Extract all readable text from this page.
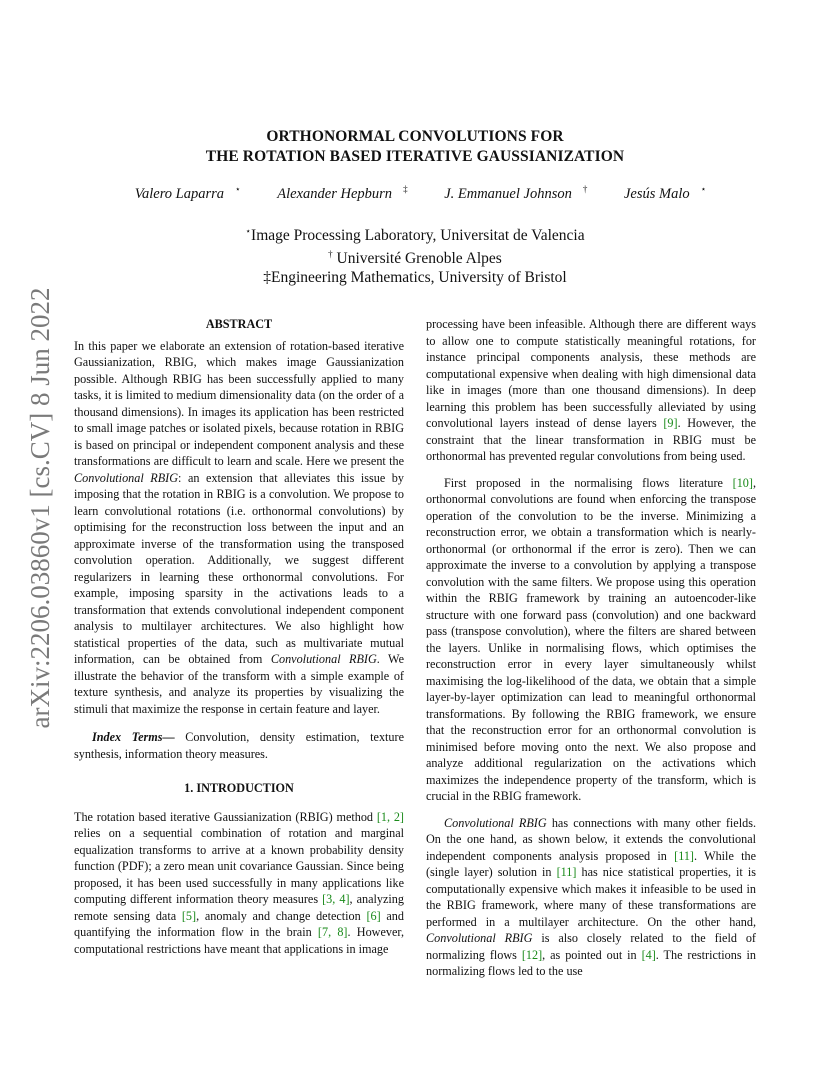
arXiv:2206.03860v1 [cs.CV] 8 Jun 2022
ORTHONORMAL CONVOLUTIONS FOR
THE ROTATION BASED ITERATIVE GAUSSIANIZATION
Valero Laparra ⋆	Alexander Hepburn ‡	J. Emmanuel Johnson †	Jesús Malo ⋆
⋆Image Processing Laboratory, Universitat de Valencia
† Université Grenoble Alpes
‡Engineering Mathematics, University of Bristol
ABSTRACT

In this paper we elaborate an extension of rotation-based iterative Gaussianization, RBIG, which makes image Gaussianization possible. Although RBIG has been successfully applied to many tasks, it is limited to medium dimensionality data (on the order of a thousand dimensions). In images its application has been restricted to small image patches or isolated pixels, because rotation in RBIG is based on principal or independent component analysis and these transformations are difficult to learn and scale. Here we present the Convolutional RBIG: an extension that alleviates this issue by imposing that the rotation in RBIG is a convolution. We propose to learn convolutional rotations (i.e. orthonormal convolutions) by optimising for the reconstruction loss between the input and an approximate inverse of the transformation using the transposed convolution operation. Additionally, we suggest different regularizers in learning these orthonormal convolutions. For example, imposing sparsity in the activations leads to a transformation that extends convolutional independent component analysis to multilayer architectures. We also highlight how statistical properties of the data, such as multivariate mutual information, can be obtained from Convolutional RBIG. We illustrate the behavior of the transform with a simple example of texture synthesis, and analyze its properties by visualizing the stimuli that maximize the response in certain feature and layer.

Index Terms— Convolution, density estimation, texture synthesis, information theory measures.

1. INTRODUCTION

The rotation based iterative Gaussianization (RBIG) method [1, 2] relies on a sequential combination of rotation and marginal equalization transforms to arrive at a known probability density function (PDF); a zero mean unit covariance Gaussian. Since being proposed, it has been used successfully in many applications like computing different information theory measures [3, 4], analyzing remote sensing data [5], anomaly and change detection [6] and quantifying the information flow in the brain [7, 8]. However, computational restrictions have meant that applications in image

processing have been infeasible. Although there are different ways to allow one to compute statistically meaningful rotations, for instance principal components analysis, these methods are computational expensive when dealing with high dimensional data like in images (more than one thousand dimensions). In deep learning this problem has been successfully alleviated by using convolutional layers instead of dense layers [9]. However, the constraint that the linear transformation in RBIG must be orthonormal has prevented regular convolutions from being used.

First proposed in the normalising flows literature [10], orthonormal convolutions are found when enforcing the transpose operation of the convolution to be the inverse. Minimizing a reconstruction error, we obtain a transformation which is nearly-orthonormal (or orthonormal if the error is zero). Then we can approximate the inverse to a convolution by applying a transpose convolution with the same filters. We propose using this operation within the RBIG framework by training an autoencoder-like structure with one forward pass (convolution) and one backward pass (transpose convolution), where the filters are shared between the layers. Unlike in normalising flows, which optimises the reconstruction error in every layer simultaneously whilst maximising the log-likelihood of the data, we obtain that a simple layer-by-layer optimization can lead to meaningful orthonormal transformations. By following the RBIG framework, we ensure that the reconstruction error for an orthonormal convolution is minimised before moving onto the next. We also propose and analyze additional regularization on the activations which maximizes the independence property of the transform, which is crucial in the RBIG framework.

Convolutional RBIG has connections with many other fields. On the one hand, as shown below, it extends the convolutional independent components analysis proposed in [11]. While the (single layer) solution in [11] has nice statistical properties, it is computationally expensive which makes it infeasible to be used in the RBIG framework, where many of these transformations are performed in a multilayer architecture. On the other hand, Convolutional RBIG is also closely related to the field of normalizing flows [12], as pointed out in [4]. The restrictions in normalizing flows led to the use
